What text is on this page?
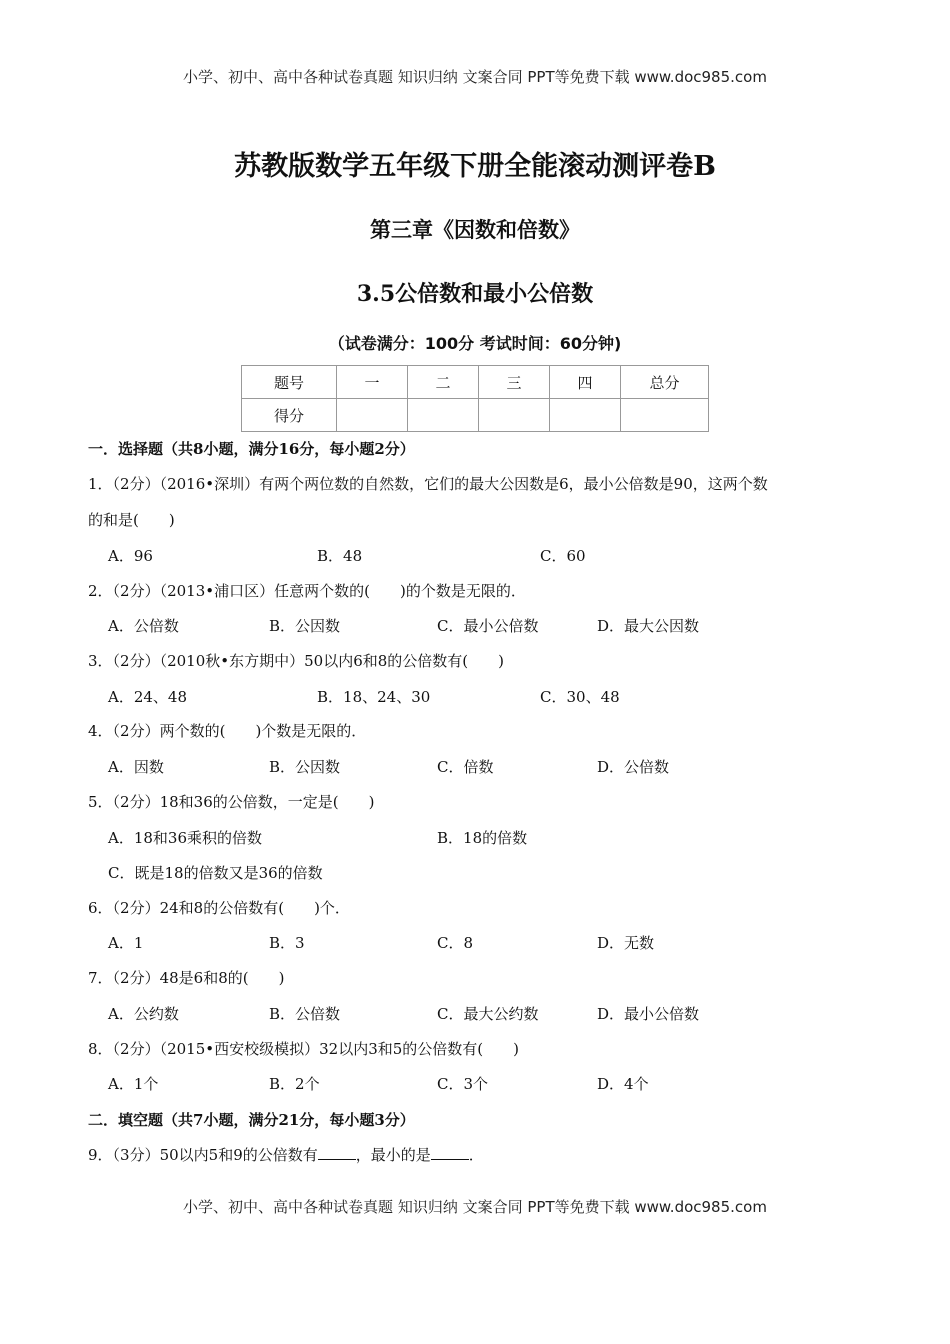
小学、初中、高中各种试卷真题 知识归纳 文案合同 PPT等免费下载 www.doc985.com
苏教版数学五年级下册全能滚动测评卷B
第三章《因数和倍数》
3.5公倍数和最小公倍数
（试卷满分：100分 考试时间：60分钟)
题号	一	二	三	四	总分
得分					
一．选择题（共8小题，满分16分，每小题2分）
1．（2分）（2016•深圳）有两个两位数的自然数，它们的最大公因数是6，最小公倍数是90，这两个数
的和是(　　)
A．96	B．48	C．60
2．（2分）（2013•浦口区）任意两个数的(　　)的个数是无限的．
A．公倍数	B．公因数	C．最小公倍数	D．最大公因数
3．（2分）（2010秋•东方期中）50以内6和8的公倍数有(　　)
A．24、48	B．18、24、30	C．30、48
4．（2分）两个数的(　　)个数是无限的．
A．因数	B．公因数	C．倍数	D．公倍数
5．（2分）18和36的公倍数，一定是(　　)
A．18和36乘积的倍数	B．18的倍数
C．既是18的倍数又是36的倍数
6．（2分）24和8的公倍数有(　　)个．
A．1	B．3	C．8	D．无数
7．（2分）48是6和8的(　　)
A．公约数	B．公倍数	C．最大公约数	D．最小公倍数
8．（2分）（2015•西安校级模拟）32以内3和5的公倍数有(　　)
A．1个	B．2个	C．3个	D．4个
二．填空题（共7小题，满分21分，每小题3分）
9．（3分）50以内5和9的公倍数有	，最小的是	．
小学、初中、高中各种试卷真题 知识归纳 文案合同 PPT等免费下载 www.doc985.com
